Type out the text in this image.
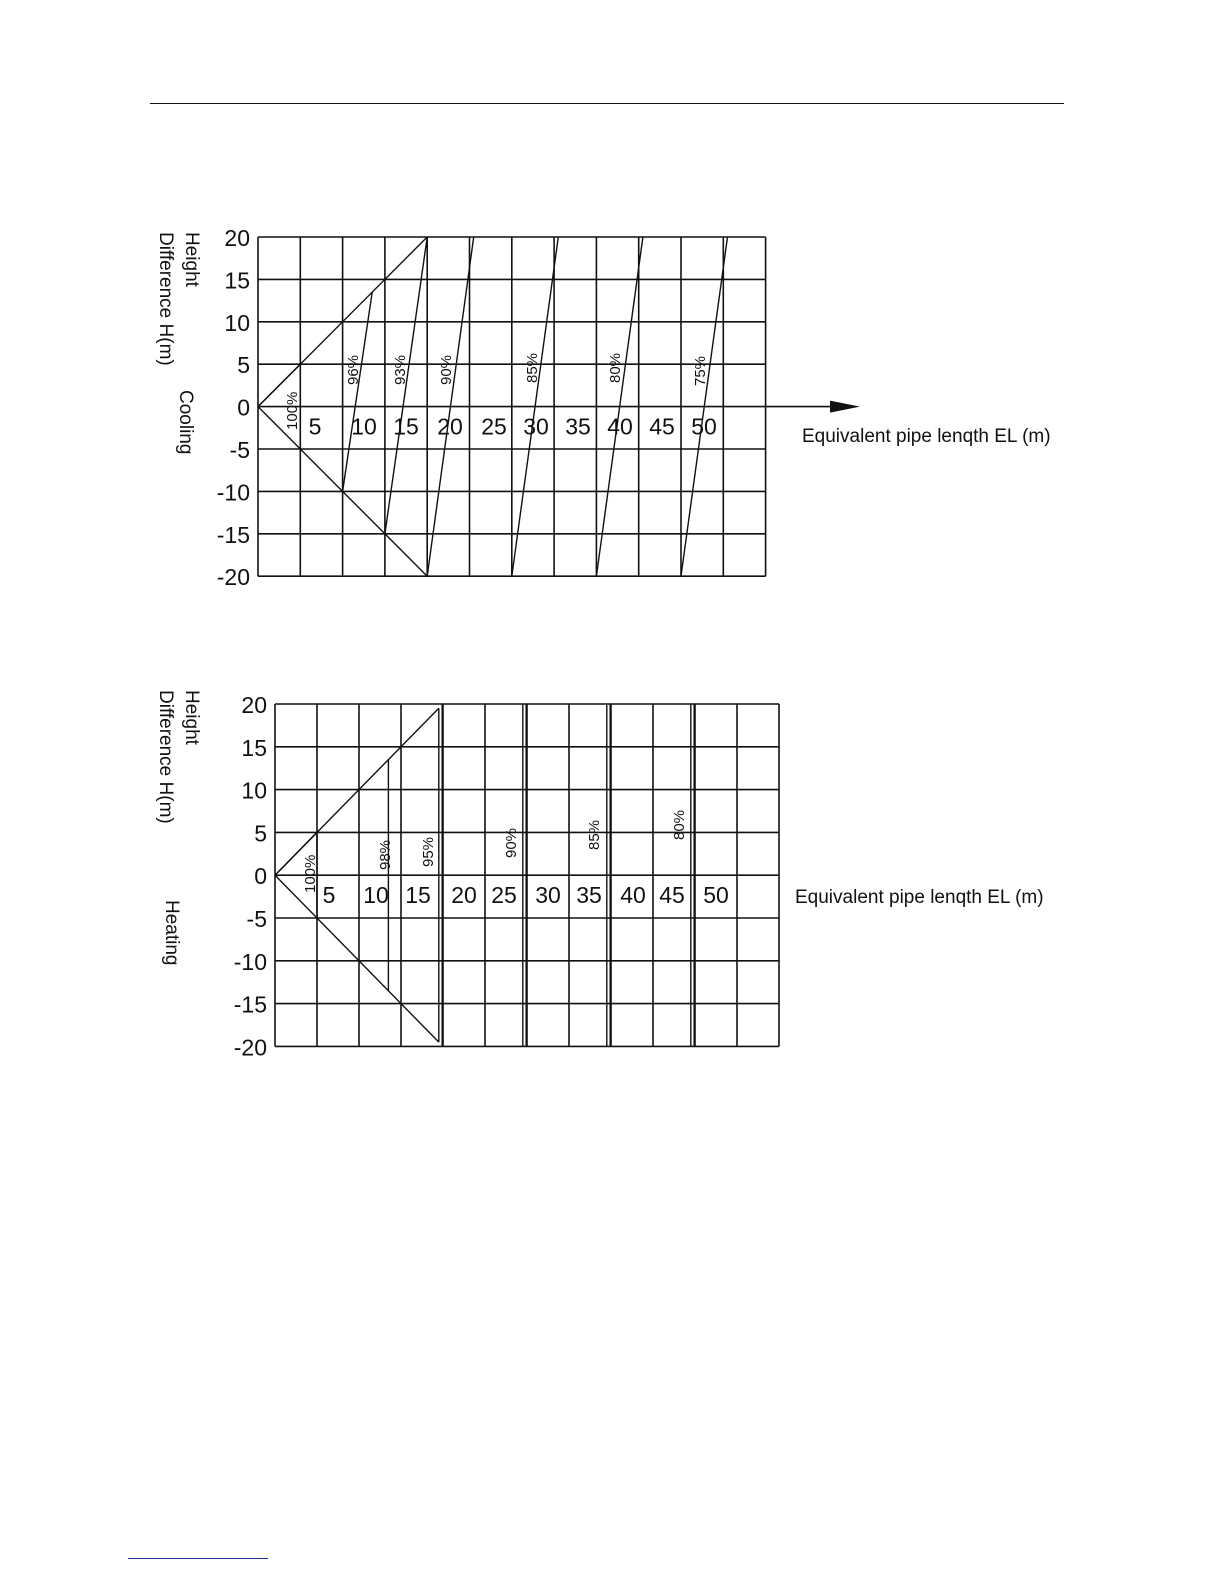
20
15
10
5
0
-5
-10
-15
-20
5 10 15 20 25 30 35 40 45 50
100%
96% 93% 90%	85%	80%	75%
Height
Difference H(m)
Cooling	Equivalent pipe lenqth EL (m)
20
15
10
5
0
-5
-10
-15
-20
5 10 15 20 25 30 35 40 45 50
100%	98% 95%	90%	85%	80%
Height
Difference H(m)
Heating
Equivalent pipe lenqth EL (m)
